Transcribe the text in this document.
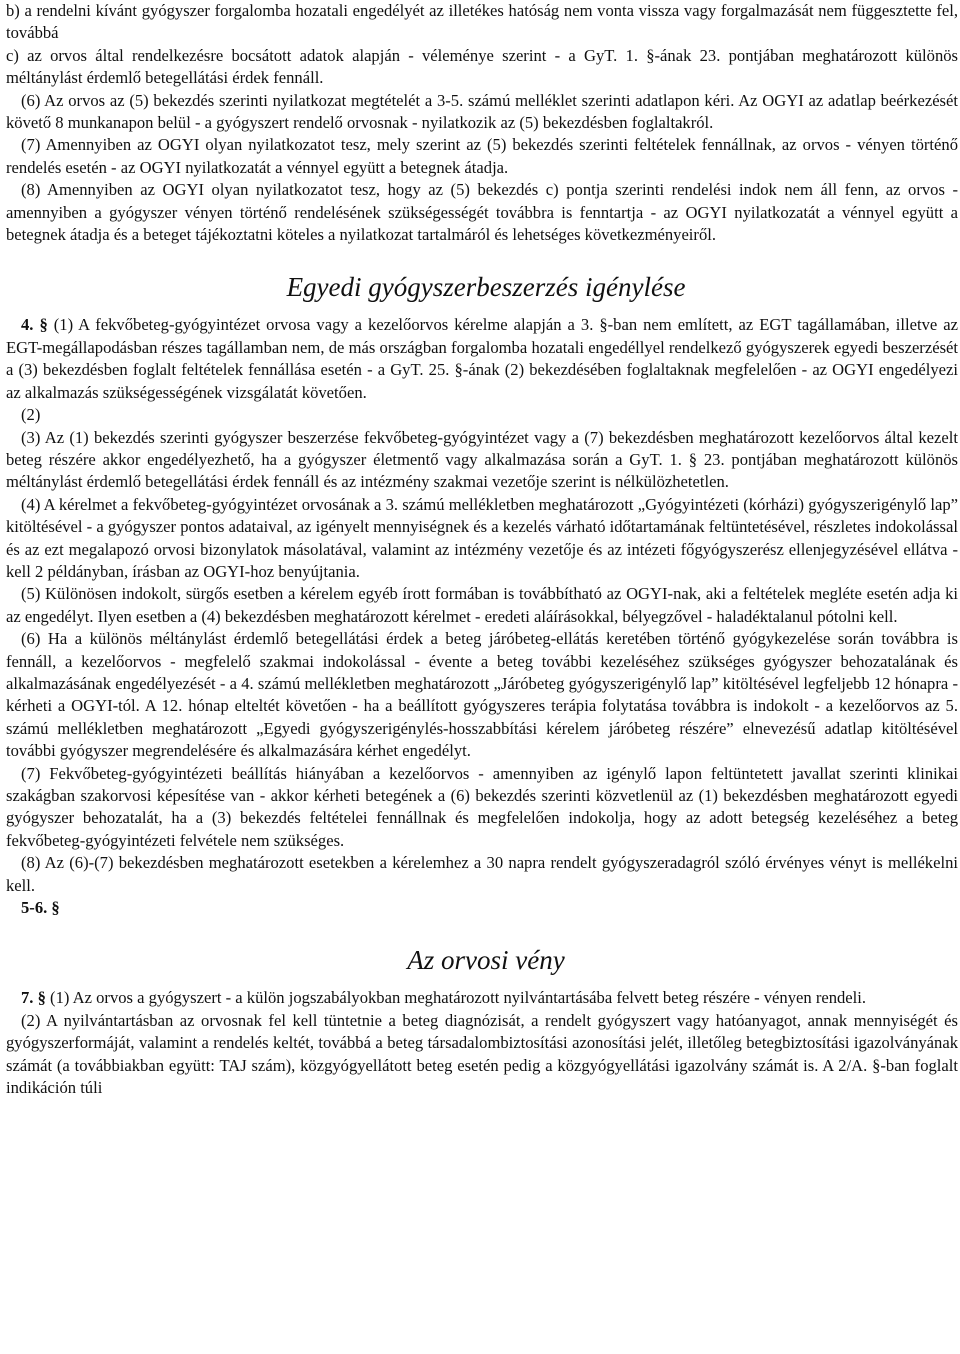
b) a rendelni kívánt gyógyszer forgalomba hozatali engedélyét az illetékes hatóság nem vonta vissza vagy forgalmazását nem függesztette fel, továbbá

c) az orvos által rendelkezésre bocsátott adatok alapján - véleménye szerint - a GyT. 1. §-ának 23. pontjában meghatározott különös méltánylást érdemlő betegellátási érdek fennáll.

(6) Az orvos az (5) bekezdés szerinti nyilatkozat megtételét a 3-5. számú melléklet szerinti adatlapon kéri. Az OGYI az adatlap beérkezését követő 8 munkanapon belül - a gyógyszert rendelő orvosnak - nyilatkozik az (5) bekezdésben foglaltakról.

(7) Amennyiben az OGYI olyan nyilatkozatot tesz, mely szerint az (5) bekezdés szerinti feltételek fennállnak, az orvos - vényen történő rendelés esetén - az OGYI nyilatkozatát a vénnyel együtt a betegnek átadja.

(8) Amennyiben az OGYI olyan nyilatkozatot tesz, hogy az (5) bekezdés c) pontja szerinti rendelési indok nem áll fenn, az orvos - amennyiben a gyógyszer vényen történő rendelésének szükségességét továbbra is fenntartja - az OGYI nyilatkozatát a vénnyel együtt a betegnek átadja és a beteget tájékoztatni köteles a nyilatkozat tartalmáról és lehetséges következményeiről.

Egyedi gyógyszerbeszerzés igénylése

4. § (1) A fekvőbeteg-gyógyintézet orvosa vagy a kezelőorvos kérelme alapján a 3. §-ban nem említett, az EGT tagállamában, illetve az EGT-megállapodásban részes tagállamban nem, de más országban forgalomba hozatali engedéllyel rendelkező gyógyszerek egyedi beszerzését a (3) bekezdésben foglalt feltételek fennállása esetén - a GyT. 25. §-ának (2) bekezdésében foglaltaknak megfelelően - az OGYI engedélyezi az alkalmazás szükségességének vizsgálatát követően.

(2)

(3) Az (1) bekezdés szerinti gyógyszer beszerzése fekvőbeteg-gyógyintézet vagy a (7) bekezdésben meghatározott kezelőorvos által kezelt beteg részére akkor engedélyezhető, ha a gyógyszer életmentő vagy alkalmazása során a GyT. 1. § 23. pontjában meghatározott különös méltánylást érdemlő betegellátási érdek fennáll és az intézmény szakmai vezetője szerint is nélkülözhetetlen.

(4) A kérelmet a fekvőbeteg-gyógyintézet orvosának a 3. számú mellékletben meghatározott „Gyógyintézeti (kórházi) gyógyszerigénylő lap” kitöltésével - a gyógyszer pontos adataival, az igényelt mennyiségnek és a kezelés várható időtartamának feltüntetésével, részletes indokolással és az ezt megalapozó orvosi bizonylatok másolatával, valamint az intézmény vezetője és az intézeti főgyógyszerész ellenjegyzésével ellátva - kell 2 példányban, írásban az OGYI-hoz benyújtania.

(5) Különösen indokolt, sürgős esetben a kérelem egyéb írott formában is továbbítható az OGYI-nak, aki a feltételek megléte esetén adja ki az engedélyt. Ilyen esetben a (4) bekezdésben meghatározott kérelmet - eredeti aláírásokkal, bélyegzővel - haladéktalanul pótolni kell.

(6) Ha a különös méltánylást érdemlő betegellátási érdek a beteg járóbeteg-ellátás keretében történő gyógykezelése során továbbra is fennáll, a kezelőorvos - megfelelő szakmai indokolással - évente a beteg további kezeléséhez szükséges gyógyszer behozatalának és alkalmazásának engedélyezését - a 4. számú mellékletben meghatározott „Járóbeteg gyógyszerigénylő lap” kitöltésével legfeljebb 12 hónapra - kérheti a OGYI-tól. A 12. hónap elteltét követően - ha a beállított gyógyszeres terápia folytatása továbbra is indokolt - a kezelőorvos az 5. számú mellékletben meghatározott „Egyedi gyógyszerigénylés-hosszabbítási kérelem járóbeteg részére” elnevezésű adatlap kitöltésével további gyógyszer megrendelésére és alkalmazására kérhet engedélyt.

(7) Fekvőbeteg-gyógyintézeti beállítás hiányában a kezelőorvos - amennyiben az igénylő lapon feltüntetett javallat szerinti klinikai szakágban szakorvosi képesítése van - akkor kérheti betegének a (6) bekezdés szerinti közvetlenül az (1) bekezdésben meghatározott egyedi gyógyszer behozatalát, ha a (3) bekezdés feltételei fennállnak és megfelelően indokolja, hogy az adott betegség kezeléséhez a beteg fekvőbeteg-gyógyintézeti felvétele nem szükséges.

(8) Az (6)-(7) bekezdésben meghatározott esetekben a kérelemhez a 30 napra rendelt gyógyszeradagról szóló érvényes vényt is mellékelni kell.

5-6. §

Az orvosi vény

7. § (1) Az orvos a gyógyszert - a külön jogszabályokban meghatározott nyilvántartásába felvett beteg részére - vényen rendeli.

(2) A nyilvántartásban az orvosnak fel kell tüntetnie a beteg diagnózisát, a rendelt gyógyszert vagy hatóanyagot, annak mennyiségét és gyógyszerformáját, valamint a rendelés keltét, továbbá a beteg társadalombiztosítási azonosítási jelét, illetőleg betegbiztosítási igazolványának számát (a továbbiakban együtt: TAJ szám), közgyógyellátott beteg esetén pedig a közgyógyellátási igazolvány számát is. A 2/A. §-ban foglalt indikáción túli
